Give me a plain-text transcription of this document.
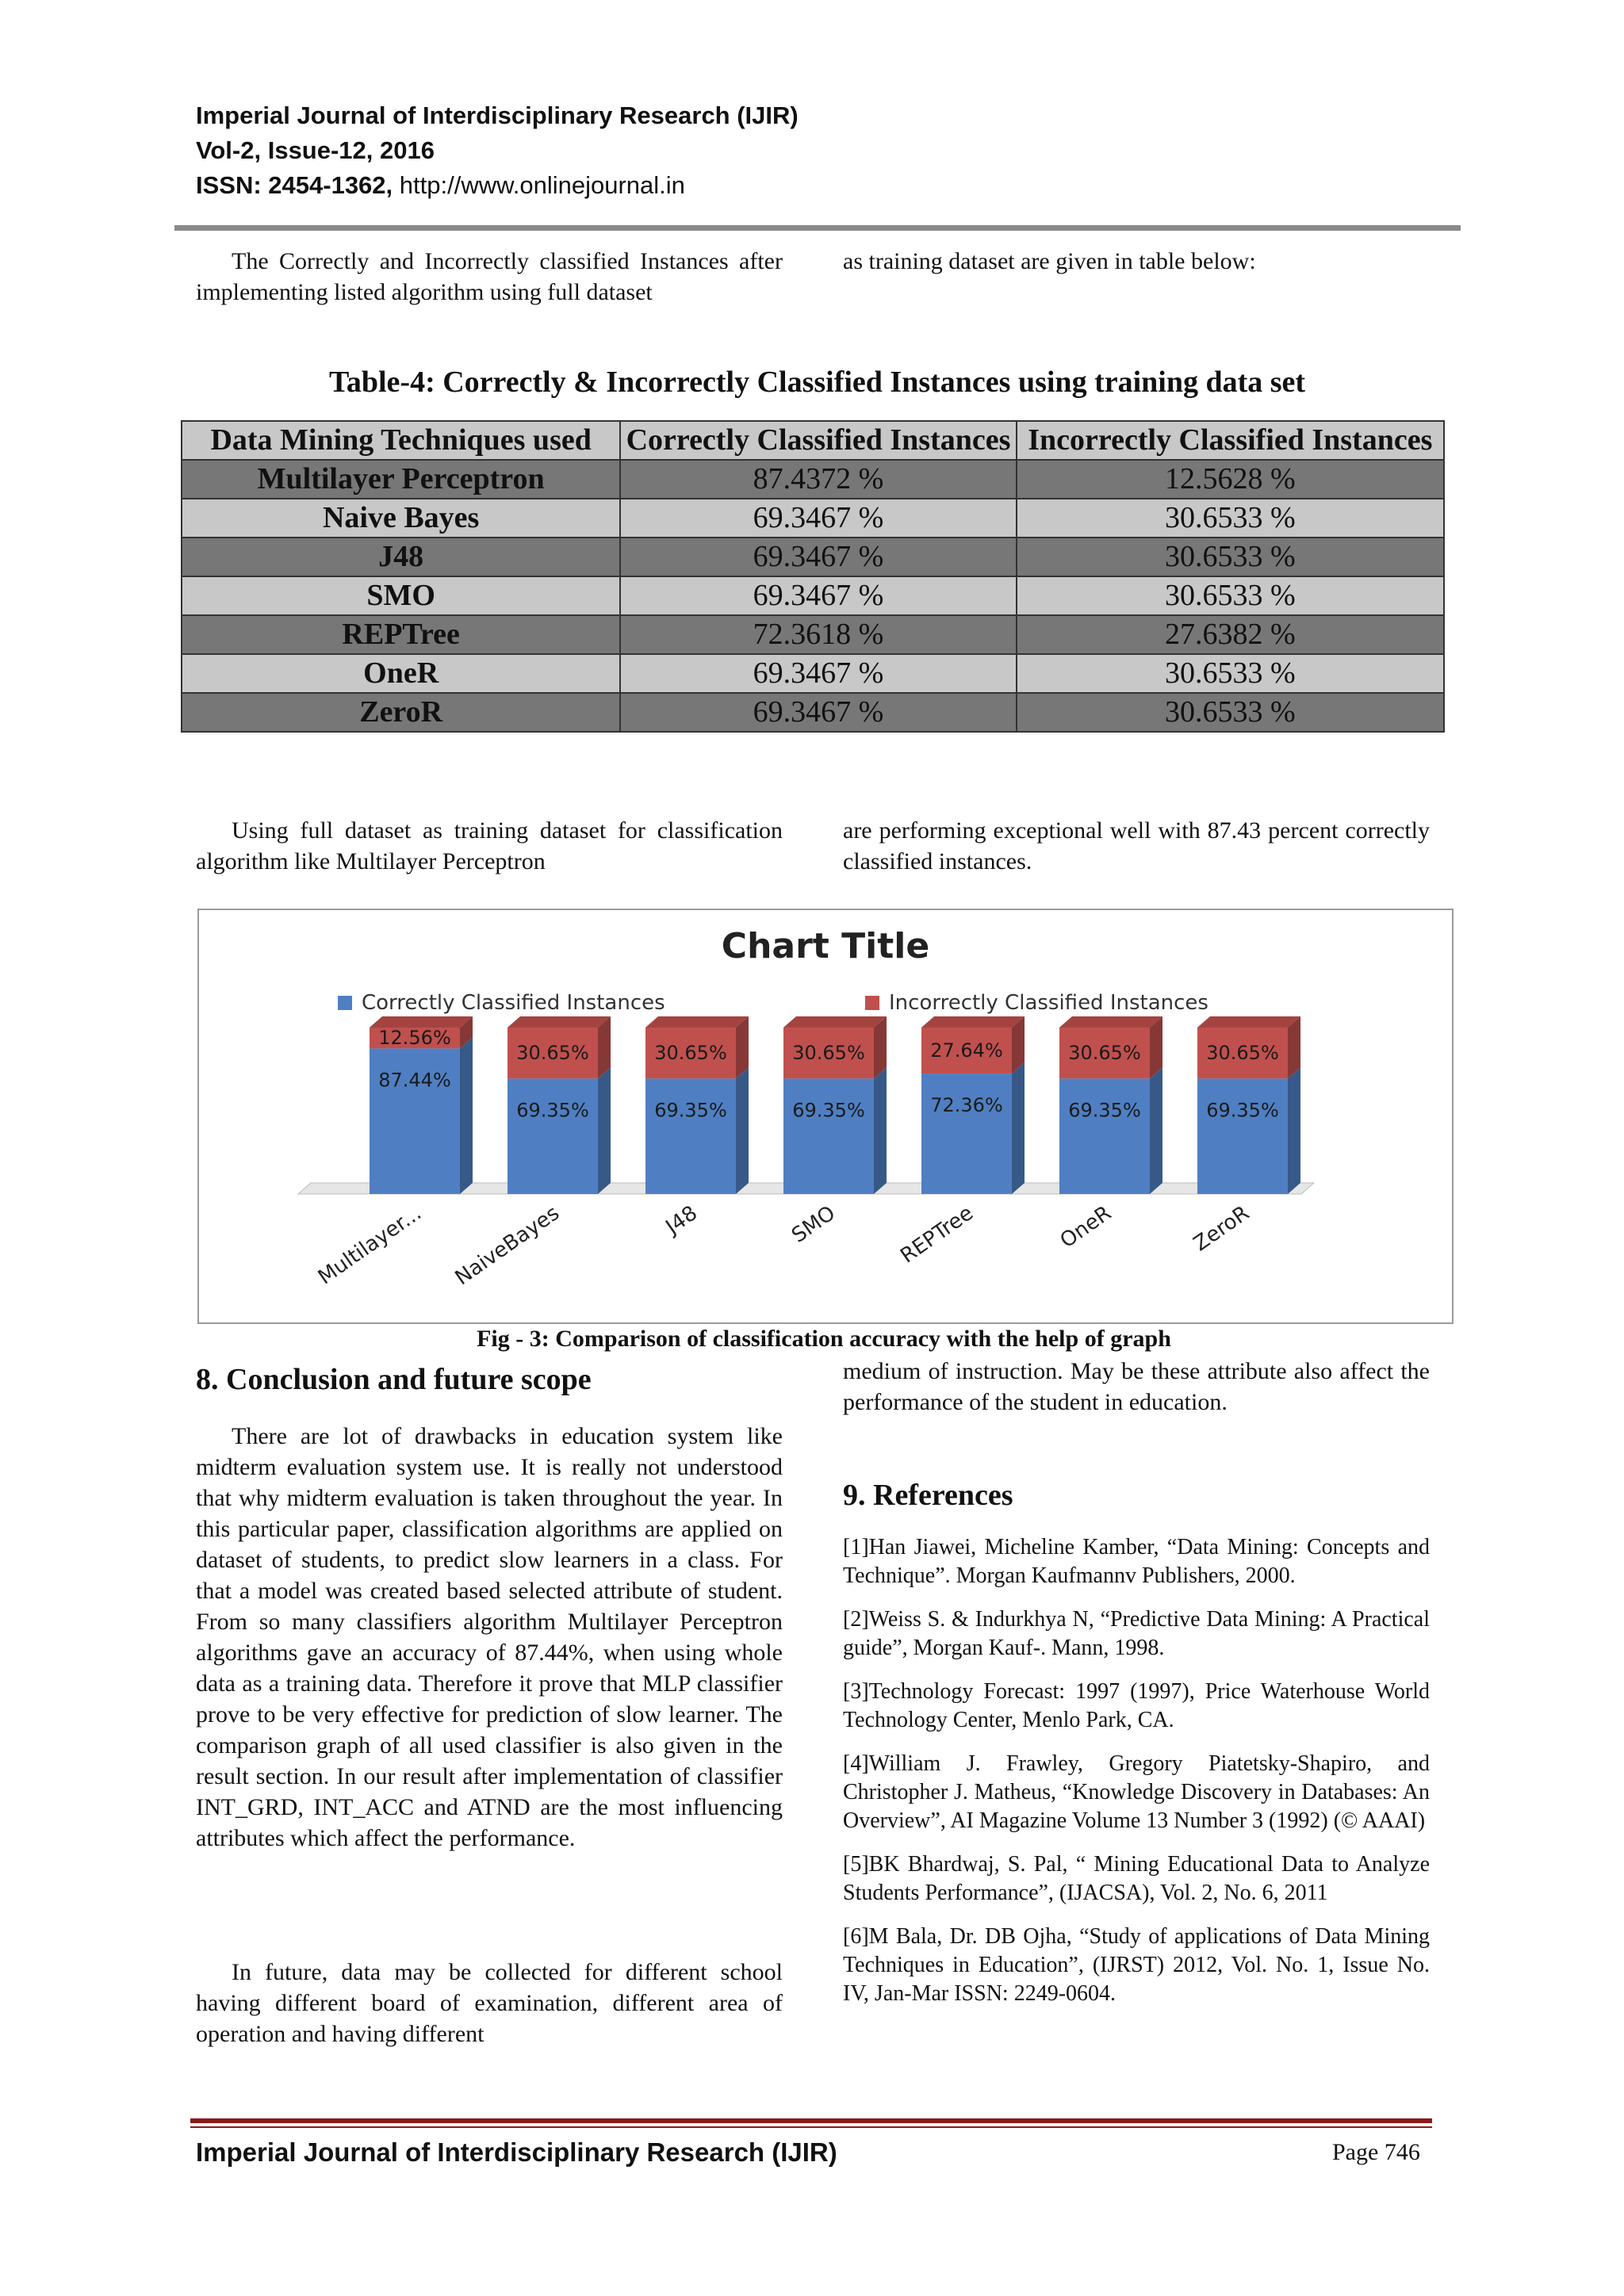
Imperial Journal of Interdisciplinary Research (IJIR)
Vol-2, Issue-12, 2016
ISSN: 2454-1362, http://www.onlinejournal.in
The Correctly and Incorrectly classified Instances after implementing listed algorithm using full dataset
as training dataset are given in table below:
Table-4: Correctly & Incorrectly Classified Instances using training data set
Data Mining Techniques used	Correctly Classified Instances	Incorrectly Classified Instances
Multilayer Perceptron	87.4372 %	12.5628 %
Naive Bayes	69.3467 %	30.6533 %
J48	69.3467 %	30.6533 %
SMO	69.3467 %	30.6533 %
REPTree	72.3618 %	27.6382 %
OneR	69.3467 %	30.6533 %
ZeroR	69.3467 %	30.6533 %
Using full dataset as training dataset for classification algorithm like Multilayer Perceptron
are performing exceptional well with 87.43 percent correctly classified instances.
Chart Title
Correctly Classified Instances	Incorrectly Classified Instances
87.44%
12.56%
Multilayer...
69.35%
30.65%
NaiveBayes
69.35%
30.65%
J48
69.35%
30.65%
SMO
72.36%
27.64%
REPTree
69.35%
30.65%
OneR
69.35%
30.65%
ZeroR
Fig - 3: Comparison of classification accuracy with the help of graph
8. Conclusion and future scope
There are lot of drawbacks in education system like midterm evaluation system use. It is really not understood that why midterm evaluation is taken throughout the year. In this particular paper, classification algorithms are applied on dataset of students, to predict slow learners in a class. For that a model was created based selected attribute of student. From so many classifiers algorithm Multilayer Perceptron algorithms gave an accuracy of 87.44%, when using whole data as a training data. Therefore it prove that MLP classifier prove to be very effective for prediction of slow learner. The comparison graph of all used classifier is also given in the result section. In our result after implementation of classifier INT_GRD, INT_ACC and ATND are the most influencing attributes which affect the performance.
In future, data may be collected for different school having different board of examination, different area of operation and having different
medium of instruction. May be these attribute also affect the performance of the student in education.
9. References
[1]Han Jiawei, Micheline Kamber, “Data Mining: Concepts and Technique”. Morgan Kaufmannv Publishers, 2000.
[2]Weiss S. & Indurkhya N, “Predictive Data Mining: A Practical guide”, Morgan Kauf-. Mann, 1998.
[3]Technology Forecast: 1997 (1997), Price Waterhouse World Technology Center, Menlo Park, CA.
[4]William J. Frawley, Gregory Piatetsky-Shapiro, and Christopher J. Matheus, “Knowledge Discovery in Databases: An Overview”, AI Magazine Volume 13 Number 3 (1992) (© AAAI)
[5]BK Bhardwaj, S. Pal, “ Mining Educational Data to Analyze Students Performance”, (IJACSA), Vol. 2, No. 6, 2011
[6]M Bala, Dr. DB Ojha, “Study of applications of Data Mining Techniques in Education”, (IJRST) 2012, Vol. No. 1, Issue No. IV, Jan-Mar ISSN: 2249-0604.
Imperial Journal of Interdisciplinary Research (IJIR)	Page 746
